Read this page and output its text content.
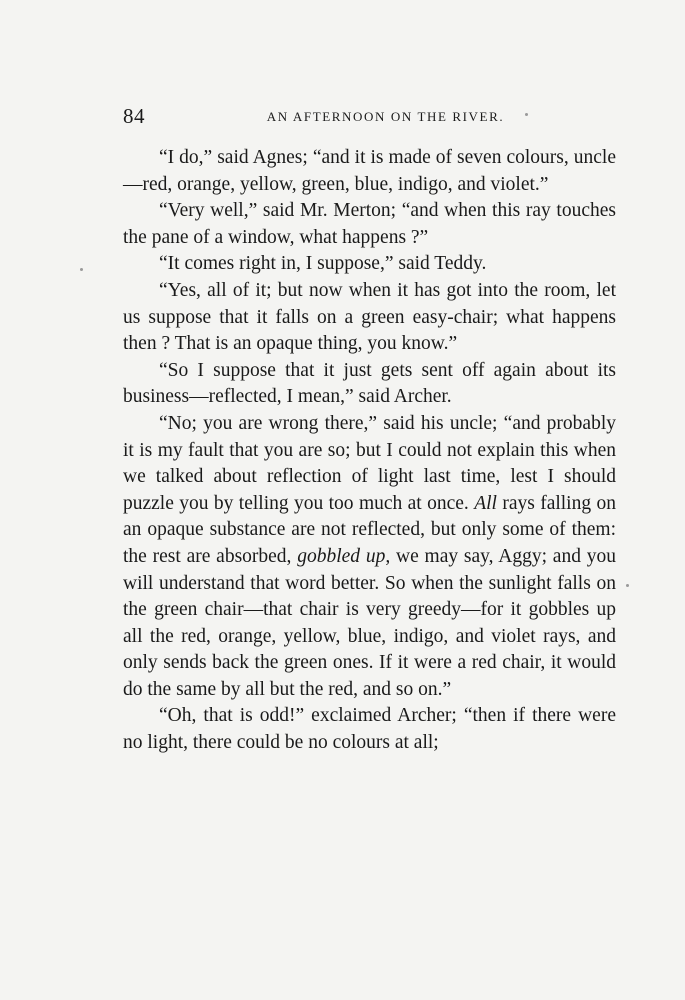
84	AN AFTERNOON ON THE RIVER.

“I do,” said Agnes; “and it is made of seven colours, uncle—red, orange, yellow, green, blue, indigo, and violet.”

“Very well,” said Mr. Merton; “and when this ray touches the pane of a window, what happens ?”

“It comes right in, I suppose,” said Teddy.

“Yes, all of it; but now when it has got into the room, let us suppose that it falls on a green easy-chair; what happens then ? That is an opaque thing, you know.”

“So I suppose that it just gets sent off again about its business—reflected, I mean,” said Archer.

“No; you are wrong there,” said his uncle; “and probably it is my fault that you are so; but I could not explain this when we talked about reflection of light last time, lest I should puzzle you by telling you too much at once. All rays falling on an opaque substance are not reflected, but only some of them: the rest are absorbed, gobbled up, we may say, Aggy; and you will understand that word better. So when the sunlight falls on the green chair—that chair is very greedy—for it gobbles up all the red, orange, yellow, blue, indigo, and violet rays, and only sends back the green ones. If it were a red chair, it would do the same by all but the red, and so on.”

“Oh, that is odd!” exclaimed Archer; “then if there were no light, there could be no colours at all;
